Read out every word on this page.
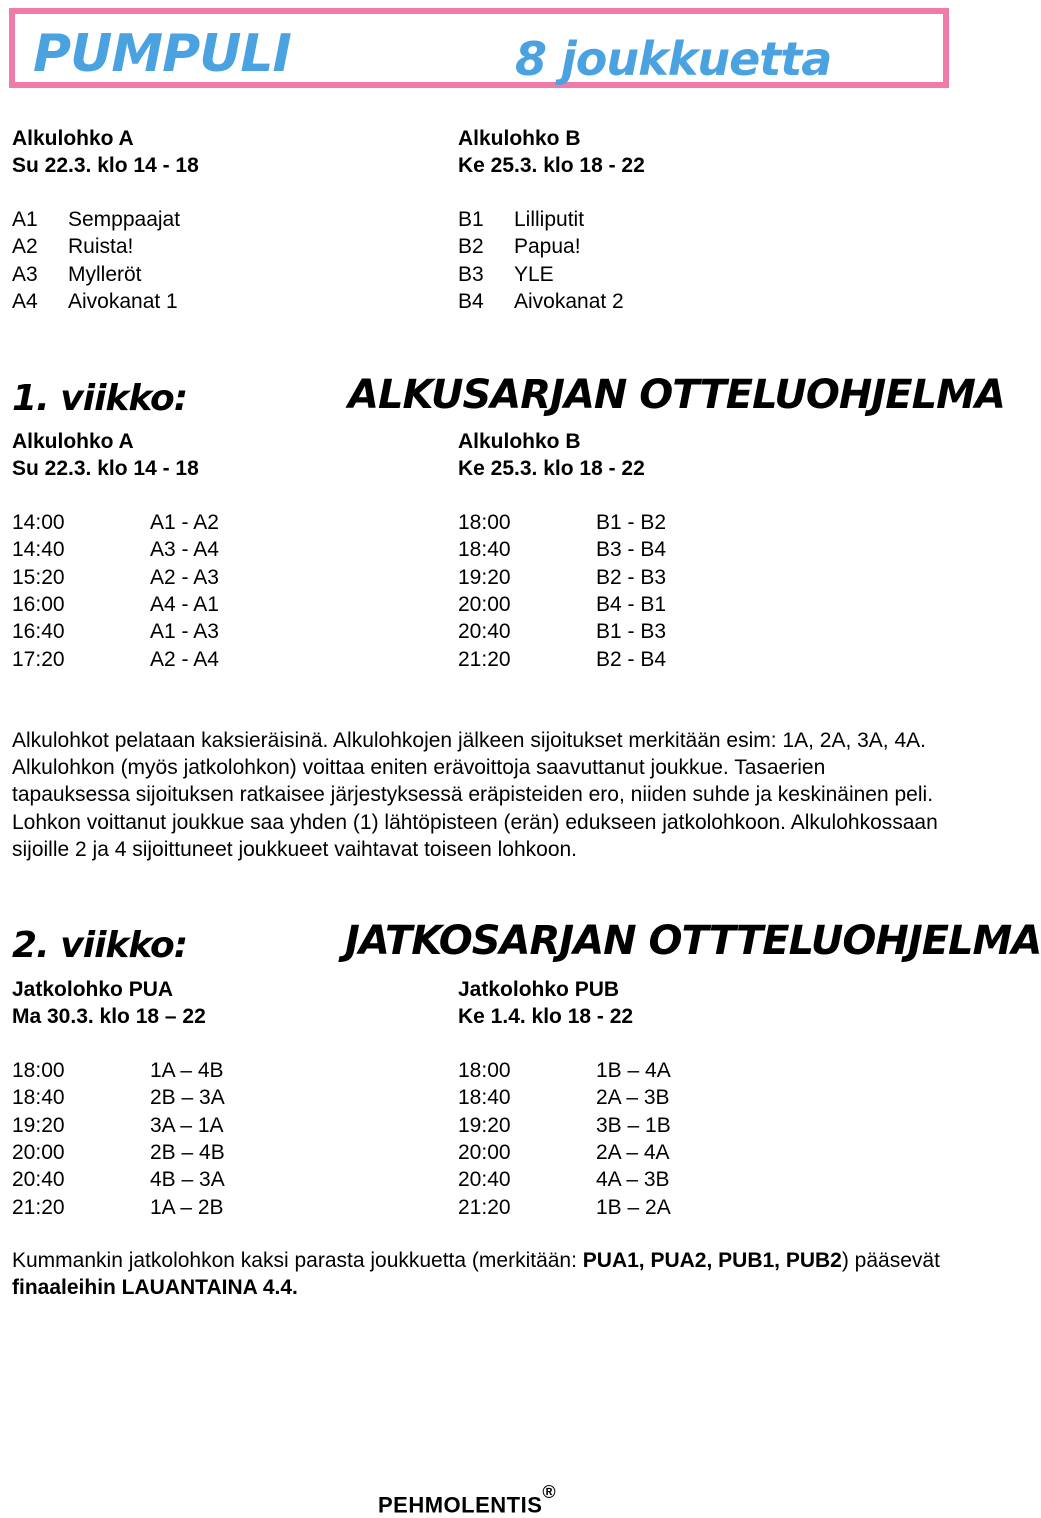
PUMPULI	8 joukkuetta
Alkulohko A
Su 22.3. klo 14 - 18
A1 Semppaajat
A2 Ruista!
A3 Mylleröt
A4 Aivokanat 1
Alkulohko B
Ke 25.3. klo 18 - 22
B1 Lilliputit
B2 Papua!
B3 YLE
B4 Aivokanat 2
1. viikko:	ALKUSARJAN OTTELUOHJELMA
Alkulohko A
Su 22.3. klo 14 - 18
14:00	A1 - A2
14:40	A3 - A4
15:20	A2 - A3
16:00	A4 - A1
16:40	A1 - A3
17:20	A2 - A4
Alkulohko B
Ke 25.3. klo 18 - 22
18:00	B1 - B2
18:40	B3 - B4
19:20	B2 - B3
20:00	B4 - B1
20:40	B1 - B3
21:20	B2 - B4
Alkulohkot pelataan kaksieräisinä. Alkulohkojen jälkeen sijoitukset merkitään esim: 1A, 2A, 3A, 4A. Alkulohkon (myös jatkolohkon) voittaa eniten erävoittoja saavuttanut joukkue. Tasaerien tapauksessa sijoituksen ratkaisee järjestyksessä eräpisteiden ero, niiden suhde ja keskinäinen peli. Lohkon voittanut joukkue saa yhden (1) lähtöpisteen (erän) edukseen jatkolohkoon. Alkulohkossaan sijoille 2 ja 4 sijoittuneet joukkueet vaihtavat toiseen lohkoon.
2. viikko:	JATKOSARJAN OTTTELUOHJELMA
Jatkolohko PUA
Ma 30.3. klo 18 – 22
18:00	1A – 4B
18:40	2B – 3A
19:20	3A – 1A
20:00	2B – 4B
20:40	4B – 3A
21:20	1A – 2B
Jatkolohko PUB
Ke 1.4. klo 18 - 22
18:00	1B – 4A
18:40	2A – 3B
19:20	3B – 1B
20:00	2A – 4A
20:40	4A – 3B
21:20	1B – 2A
Kummankin jatkolohkon kaksi parasta joukkuetta (merkitään: PUA1, PUA2, PUB1, PUB2) pääsevät finaaleihin LAUANTAINA 4.4.
PEHMOLENTIS®
